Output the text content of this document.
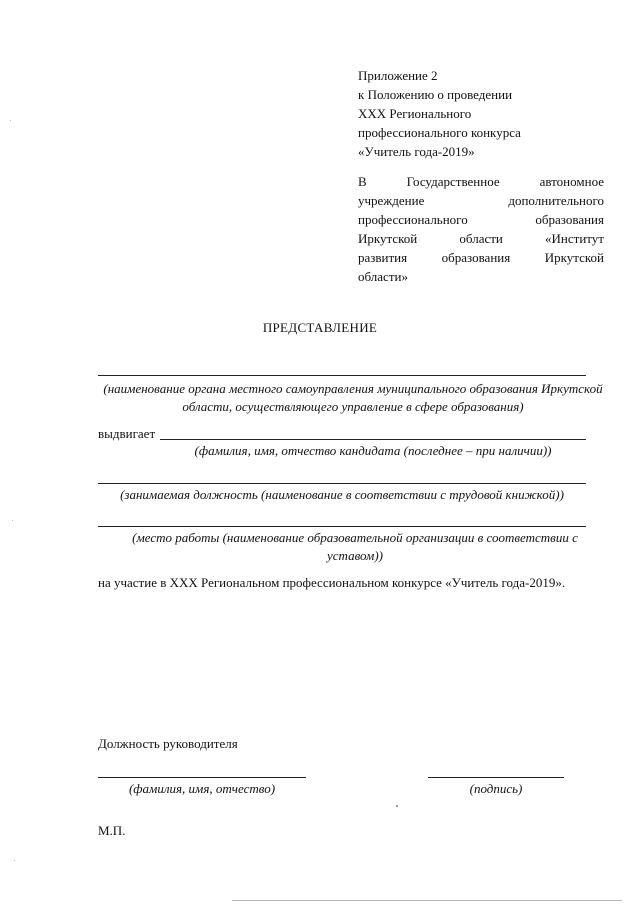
Приложение 2
к Положению о проведении
XXX Регионального
профессионального конкурса
«Учитель года-2019»
В Государственное автономное
учреждение дополнительного
профессионального образования
Иркутской области «Институт
развития образования Иркутской
области»
ПРЕДСТАВЛЕНИЕ
(наименование органа местного самоуправления муниципального образования Иркутской области, осуществляющего управление в сфере образования)
выдвигает
(фамилия, имя, отчество кандидата (последнее – при наличии))
(занимаемая должность (наименование в соответствии с трудовой книжкой))
(место работы (наименование образовательной организации в соответствии с уставом))
на участие в XXX Региональном профессиональном конкурсе «Учитель года-2019».
Должность руководителя
(фамилия, имя, отчество)	(подпись)
М.П.
